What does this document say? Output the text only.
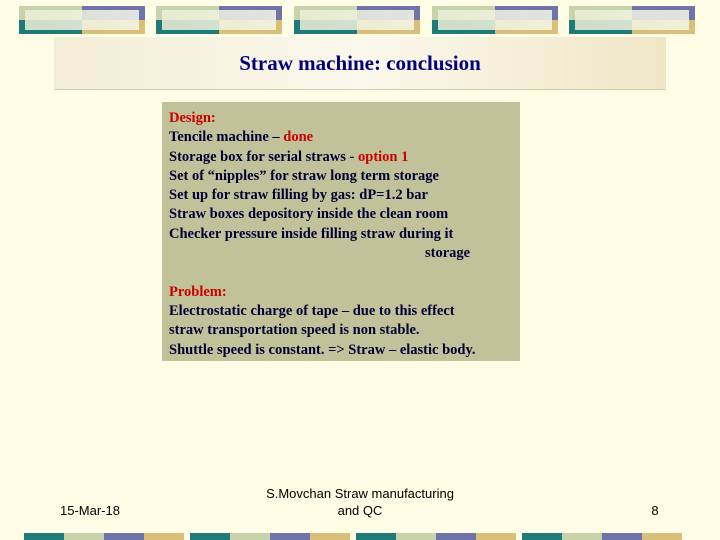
Straw machine: conclusion
Design:
Tencile machine – done
Storage box for serial straws - option 1
Set of “nipples” for straw long term storage
Set up for straw filling by gas: dP=1.2 bar
Straw boxes depository inside the clean room
Checker pressure inside filling straw during it
storage
Problem:
Electrostatic charge of tape – due to this effect
straw transportation speed is non stable.
Shuttle speed is constant. => Straw – elastic body.
15-Mar-18
S.Movchan Straw manufacturing
and QC	8
